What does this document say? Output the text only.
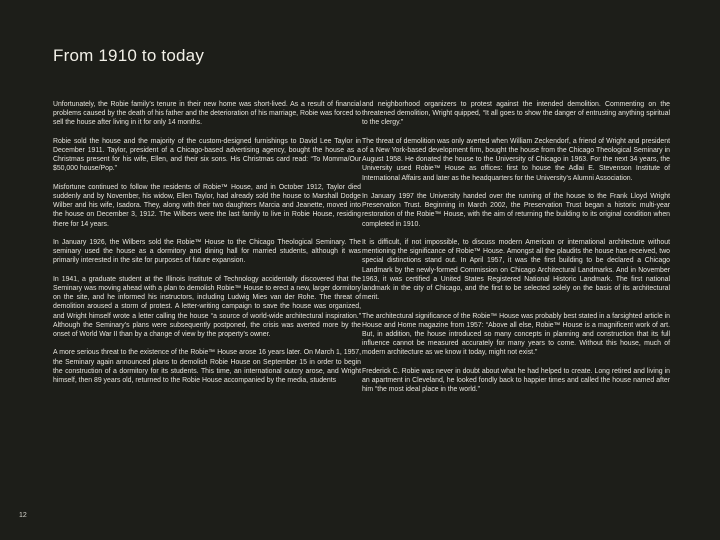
From 1910 to today

Unfortunately, the Robie family’s tenure in their new home was short-lived. As a result of financial problems caused by the death of his father and the deterioration of his marriage, Robie was forced to sell the house after living in it for only 14 months.

Robie sold the house and the majority of the custom-designed furnishings to David Lee Taylor in December 1911. Taylor, president of a Chicago-based advertising agency, bought the house as a Christmas present for his wife, Ellen, and their six sons. His Christmas card read: “To Momma/Our $50,000 house/Pop.”

Misfortune continued to follow the residents of Robie™ House, and in October 1912, Taylor died suddenly and by November, his widow, Ellen Taylor, had already sold the house to Marshall Dodge Wilber and his wife, Isadora. They, along with their two daughters Marcia and Jeanette, moved into the house on December 3, 1912. The Wilbers were the last family to live in Robie House, residing there for 14 years.

In January 1926, the Wilbers sold the Robie™ House to the Chicago Theological Seminary. The seminary used the house as a dormitory and dining hall for married students, although it was primarily interested in the site for purposes of future expansion.

In 1941, a graduate student at the Illinois Institute of Technology accidentally discovered that the Seminary was moving ahead with a plan to demolish Robie™ House to erect a new, larger dormitory on the site, and he informed his instructors, including Ludwig Mies van der Rohe. The threat of demolition aroused a storm of protest. A letter-writing campaign to save the house was organized, and Wright himself wrote a letter calling the house “a source of world-wide architectural inspiration.” Although the Seminary’s plans were subsequently postponed, the crisis was averted more by the onset of World War II than by a change of view by the property’s owner.

A more serious threat to the existence of the Robie™ House arose 16 years later. On March 1, 1957, the Seminary again announced plans to demolish Robie House on September 15 in order to begin the construction of a dormitory for its students. This time, an international outcry arose, and Wright himself, then 89 years old, returned to the Robie House accompanied by the media, students

and neighborhood organizers to protest against the intended demolition. Commenting on the threatened demolition, Wright quipped, “It all goes to show the danger of entrusting anything spiritual to the clergy.”

The threat of demolition was only averted when William Zeckendorf, a friend of Wright and president of a New York-based development firm, bought the house from the Chicago Theological Seminary in August 1958. He donated the house to the University of Chicago in 1963. For the next 34 years, the University used Robie™ House as offices: first to house the Adlai E. Stevenson Institute of International Affairs and later as the headquarters for the University’s Alumni Association.

In January 1997 the University handed over the running of the house to the Frank Lloyd Wright Preservation Trust. Beginning in March 2002, the Preservation Trust began a historic multi-year restoration of the Robie™ House, with the aim of returning the building to its original condition when completed in 1910.

It is difficult, if not impossible, to discuss modern American or international architecture without mentioning the significance of Robie™ House. Amongst all the plaudits the house has received, two special distinctions stand out. In April 1957, it was the first building to be declared a Chicago Landmark by the newly-formed Commission on Chicago Architectural Landmarks. And in November 1963, it was certified a United States Registered National Historic Landmark. The first national landmark in the city of Chicago, and the first to be selected solely on the basis of its architectural merit.

The architectural significance of the Robie™ House was probably best stated in a farsighted article in House and Home magazine from 1957: “Above all else, Robie™ House is a magnificent work of art. But, in addition, the house introduced so many concepts in planning and construction that its full influence cannot be measured accurately for many years to come. Without this house, much of modern architecture as we know it today, might not exist.”

Frederick C. Robie was never in doubt about what he had helped to create. Long retired and living in an apartment in Cleveland, he looked fondly back to happier times and called the house named after him “the most ideal place in the world.”

12
